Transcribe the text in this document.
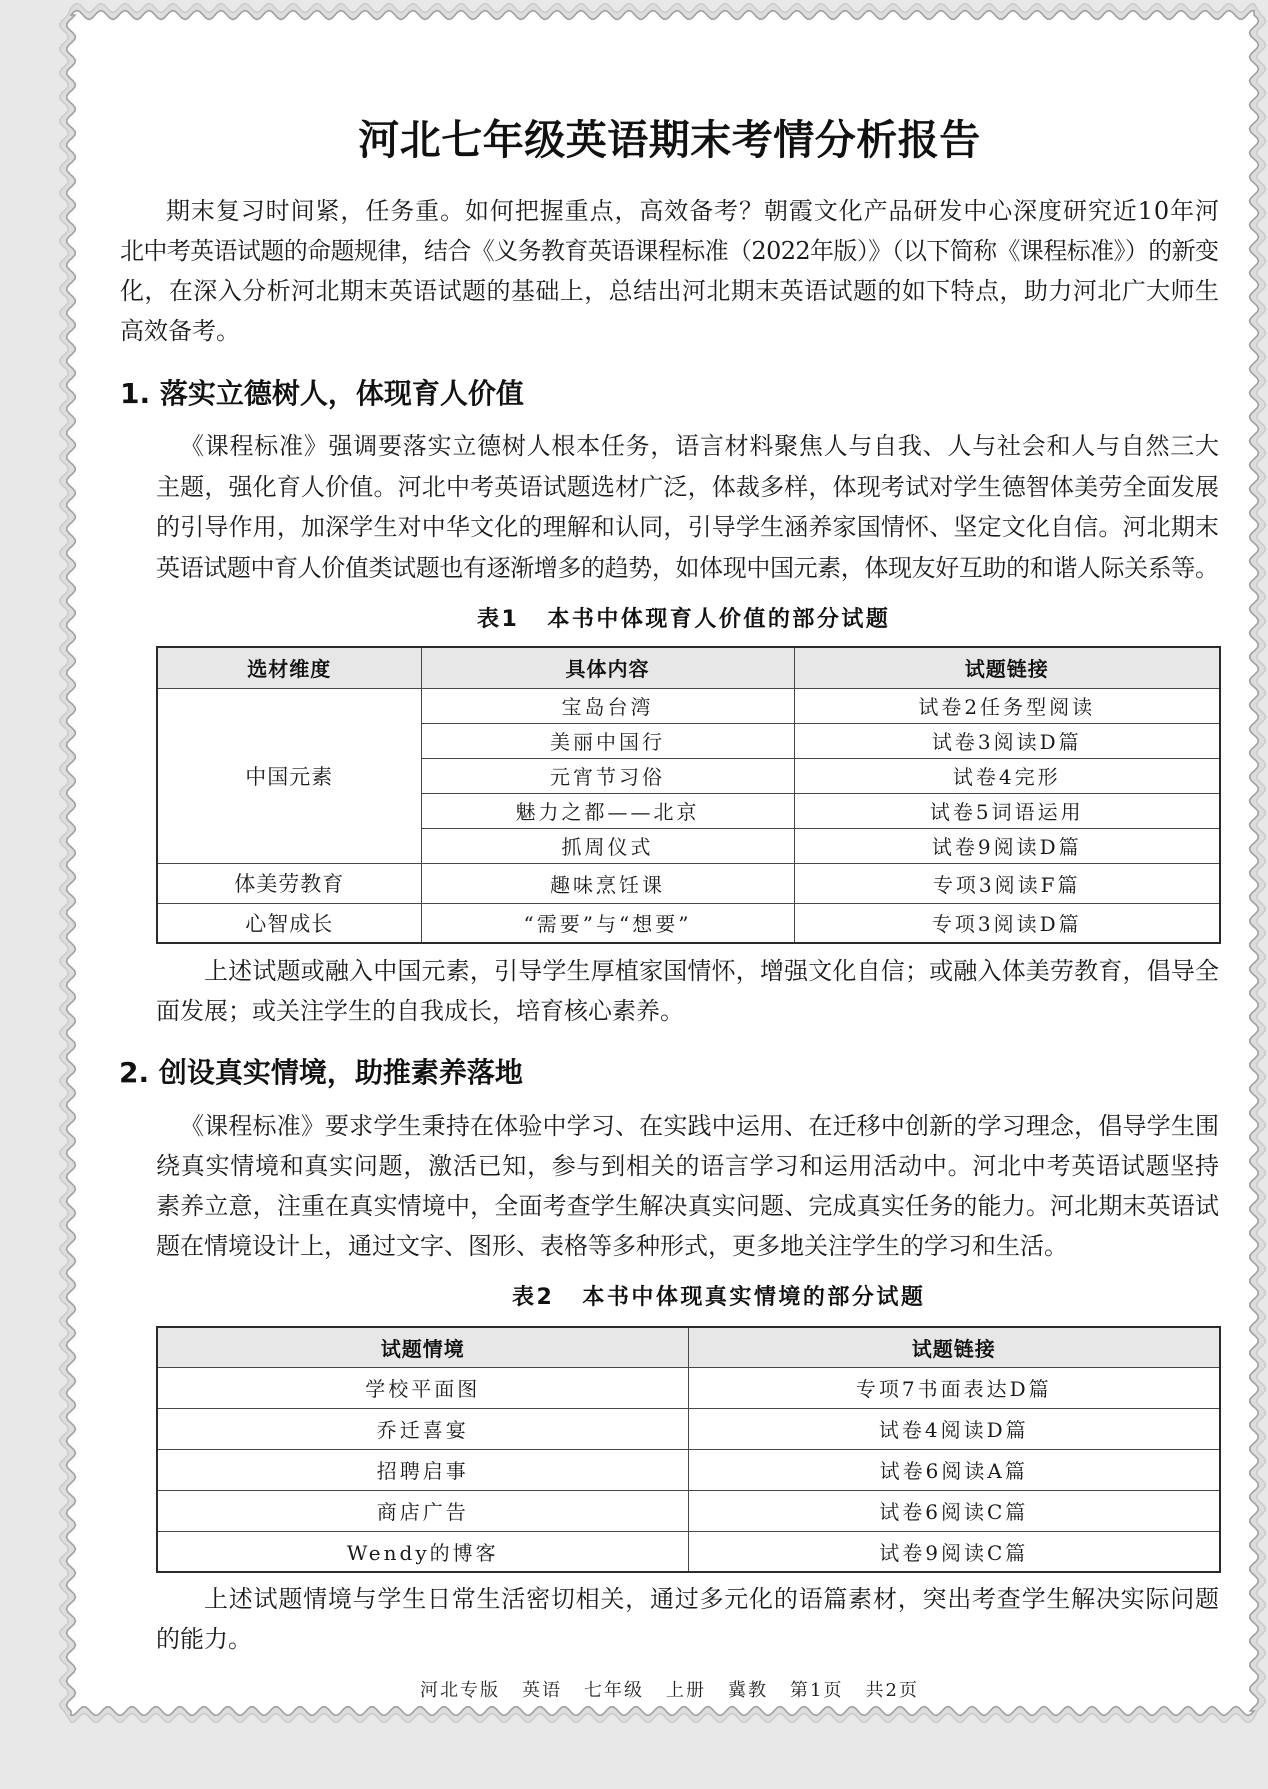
河北七年级英语期末考情分析报告
期末复习时间紧，任务重。如何把握重点，高效备考？朝霞文化产品研发中心深度研究近10年河
北中考英语试题的命题规律，结合《义务教育英语课程标准（2022年版）》（以下简称《课程标准》）的新变
化，在深入分析河北期末英语试题的基础上，总结出河北期末英语试题的如下特点，助力河北广大师生
高效备考。
1. 落实立德树人，体现育人价值
《课程标准》强调要落实立德树人根本任务，语言材料聚焦人与自我、人与社会和人与自然三大
主题，强化育人价值。河北中考英语试题选材广泛，体裁多样，体现考试对学生德智体美劳全面发展
的引导作用，加深学生对中华文化的理解和认同，引导学生涵养家国情怀、坚定文化自信。河北期末
英语试题中育人价值类试题也有逐渐增多的趋势，如体现中国元素，体现友好互助的和谐人际关系等。
表1 本书中体现育人价值的部分试题
选材维度	具体内容	试题链接
中国元素	宝岛台湾	试卷2任务型阅读
	美丽中国行	试卷3阅读D篇
	元宵节习俗	试卷4完形
	魅力之都——北京	试卷5词语运用
	抓周仪式	试卷9阅读D篇
体美劳教育	趣味烹饪课	专项3阅读F篇
心智成长	“需要”与“想要”	专项3阅读D篇
上述试题或融入中国元素，引导学生厚植家国情怀，增强文化自信；或融入体美劳教育，倡导全
面发展；或关注学生的自我成长，培育核心素养。
2. 创设真实情境，助推素养落地
《课程标准》要求学生秉持在体验中学习、在实践中运用、在迁移中创新的学习理念，倡导学生围
绕真实情境和真实问题，激活已知，参与到相关的语言学习和运用活动中。河北中考英语试题坚持
素养立意，注重在真实情境中，全面考查学生解决真实问题、完成真实任务的能力。河北期末英语试
题在情境设计上，通过文字、图形、表格等多种形式，更多地关注学生的学习和生活。
表2 本书中体现真实情境的部分试题
试题情境	试题链接
学校平面图	专项7书面表达D篇
乔迁喜宴	试卷4阅读D篇
招聘启事	试卷6阅读A篇
商店广告	试卷6阅读C篇
Wendy的博客	试卷9阅读C篇
上述试题情境与学生日常生活密切相关，通过多元化的语篇素材，突出考查学生解决实际问题
的能力。
河北专版 英语 七年级 上册 冀教 第1页 共2页
